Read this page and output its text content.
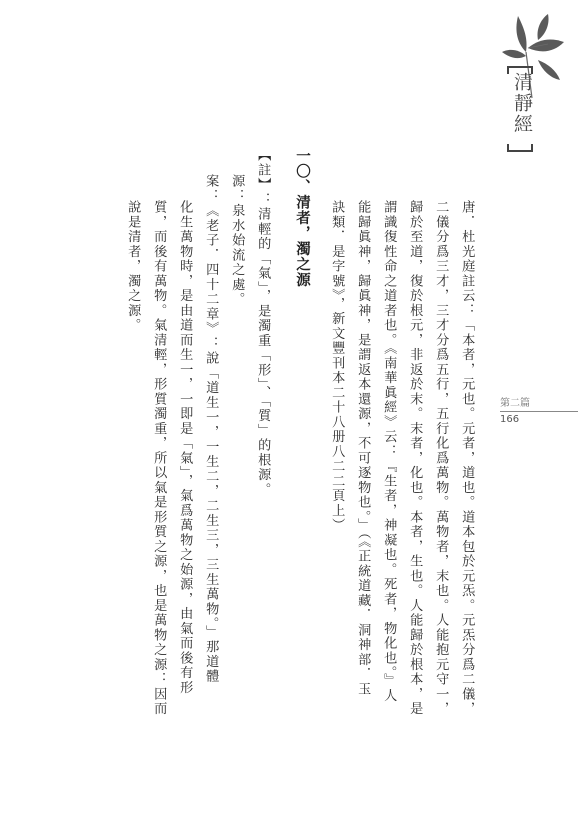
清靜經
第二篇
166
唐．杜光庭註云：「本者，元也。元者，道也。道本包於元炁。元炁分爲二儀，
二儀分爲三才，三才分爲五行，五行化爲萬物。萬物者，末也。人能抱元守一，
歸於至道，復於根元，非返於末。末者，化也。本者，生也。人能歸於根本，是
謂識復性命之道者也。《南華眞經》云：『生者，神凝也。死者，物化也。』人
能歸眞神，歸眞神，是謂返本還源，不可逐物也。」（《正統道藏．洞神部．玉
訣類．是字號》，新文豐刊本二十八册八二二頁上）
一〇、清者，濁之源
【註】：清輕的「氣」，是濁重「形」、「質」的根源。
源：泉水始流之處。
案：《老子．四十二章》：說「道生一，一生二，二生三，三生萬物。」那道體
化生萬物時，是由道而生一，一即是「氣」，氣爲萬物之始源，由氣而後有形
質，而後有萬物。氣清輕，形質濁重，所以氣是形質之源，也是萬物之源：因而
說是清者，濁之源。
